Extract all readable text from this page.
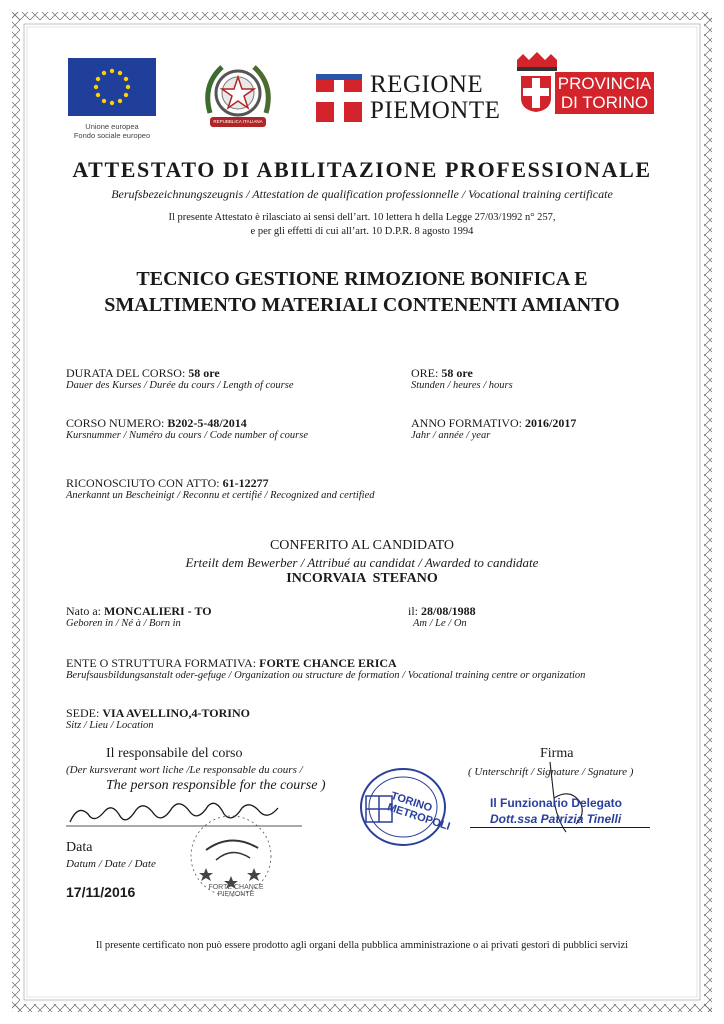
Unione europea
Fondo sociale europeo
REPUBBLICA ITALIANA
REGIONE
PIEMONTE
PROVINCIA
DI TORINO
ATTESTATO DI ABILITAZIONE PROFESSIONALE
Berufsbezeichnungszeugnis / Attestation de qualification professionnelle / Vocational training certificate
Il presente Attestato è rilasciato ai sensi dell’art. 10 lettera h della Legge 27/03/1992 n° 257,
e per gli effetti di cui all’art. 10 D.P.R. 8 agosto 1994
TECNICO GESTIONE RIMOZIONE BONIFICA E
SMALTIMENTO MATERIALI CONTENENTI AMIANTO
DURATA DEL CORSO: 58 ore
Dauer des Kurses / Durée du cours / Length of course
ORE: 58 ore
Stunden / heures / hours
CORSO NUMERO: B202-5-48/2014
Kursnummer / Numéro du cours / Code number of course
ANNO FORMATIVO: 2016/2017
Jahr / année / year
RICONOSCIUTO CON ATTO: 61-12277
Anerkannt un Bescheinigt / Reconnu et certifié / Recognized and certified
CONFERITO AL CANDIDATO
Erteilt dem Bewerber / Attribué au candidat / Awarded to candidate
INCORVAIA  STEFANO
Nato a: MONCALIERI - TO
Geboren in / Né à / Born in
il: 28/08/1988
Am / Le / On
ENTE O STRUTTURA FORMATIVA: FORTE CHANCE ERICA
Berufsausbildungsanstalt oder-gefuge / Organization ou structure de formation / Vocational training centre or organization
SEDE: VIA AVELLINO,4-TORINO
Sitz / Lieu / Location
Il responsabile del corso
(Der kursverant wort liche /Le responsable du cours /
The person responsible for the course )
FORTE CHANCE PIEMONTE
TORINO METROPOLI
Firma
( Unterschrift / Signature / Sgnature )
Il Funzionario Delegato
Dott.ssa Patrizia Tinelli
Data
Datum / Date / Date
17/11/2016
Il presente certificato non può essere prodotto agli organi della pubblica amministrazione o ai privati gestori di pubblici servizi
